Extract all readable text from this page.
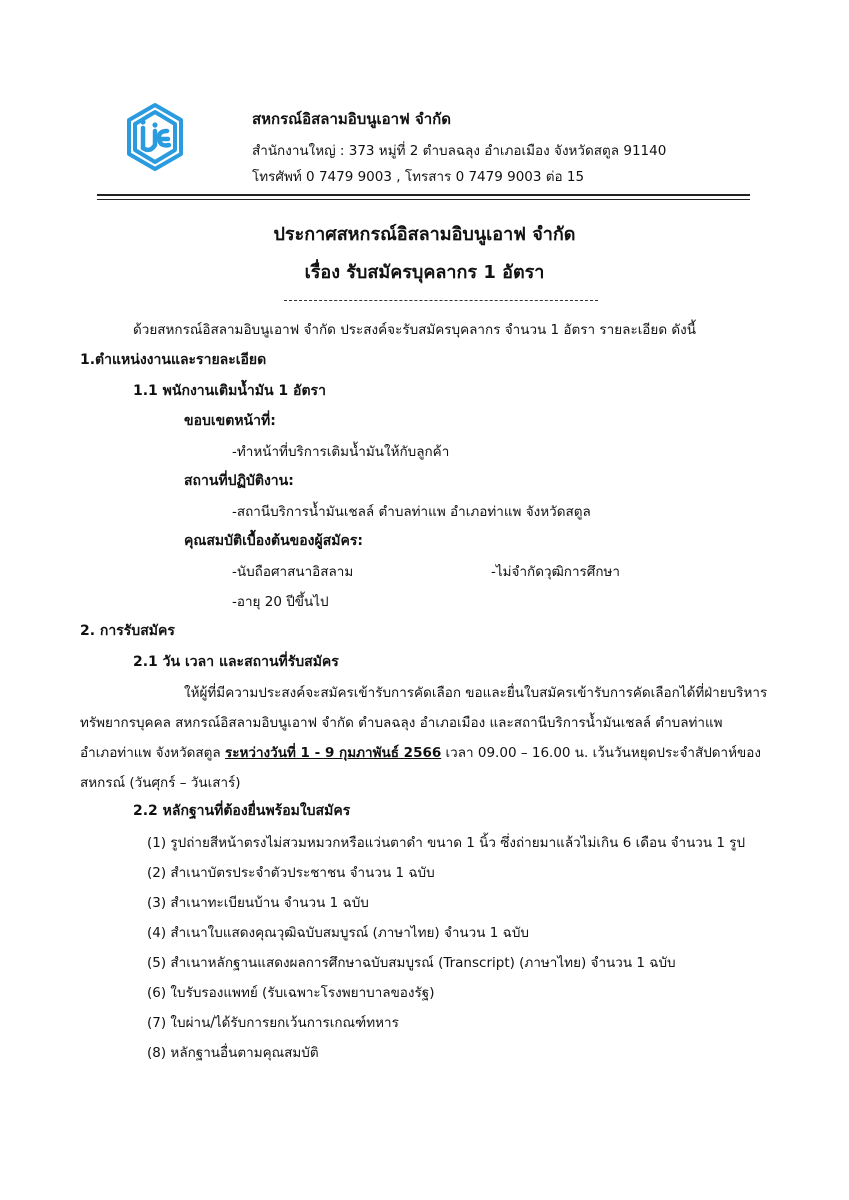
สหกรณ์อิสลามอิบนูเอาฟ จำกัด
สำนักงานใหญ่ : 373 หมู่ที่ 2 ตำบลฉลุง อำเภอเมือง จังหวัดสตูล 91140
โทรศัพท์ 0 7479 9003 , โทรสาร 0 7479 9003 ต่อ 15
ประกาศสหกรณ์อิสลามอิบนูเอาฟ จำกัด
เรื่อง รับสมัครบุคลากร 1 อัตรา
ด้วยสหกรณ์อิสลามอิบนูเอาฟ จำกัด ประสงค์จะรับสมัครบุคลากร จำนวน 1 อัตรา รายละเอียด ดังนี้
1.ตำแหน่งงานและรายละเอียด
1.1 พนักงานเติมน้ำมัน 1 อัตรา
ขอบเขตหน้าที่:
-ทำหน้าที่บริการเติมน้ำมันให้กับลูกค้า
สถานที่ปฏิบัติงาน:
-สถานีบริการน้ำมันเชลล์ ตำบลท่าแพ อำเภอท่าแพ จังหวัดสตูล
คุณสมบัติเบื้องต้นของผู้สมัคร:
-นับถือศาสนาอิสลาม	-ไม่จำกัดวุฒิการศึกษา
-อายุ 20 ปีขึ้นไป
2. การรับสมัคร
2.1 วัน เวลา และสถานที่รับสมัคร
ให้ผู้ที่มีความประสงค์จะสมัครเข้ารับการคัดเลือก ขอและยื่นใบสมัครเข้ารับการคัดเลือกได้ที่ฝ่ายบริหาร
ทรัพยากรบุคคล สหกรณ์อิสลามอิบนูเอาฟ จำกัด ตำบลฉลุง อำเภอเมือง และสถานีบริการน้ำมันเชลล์ ตำบลท่าแพ
อำเภอท่าแพ จังหวัดสตูล ระหว่างวันที่ 1 - 9 กุมภาพันธ์ 2566 เวลา 09.00 – 16.00 น. เว้นวันหยุดประจำสัปดาห์ของ
สหกรณ์ (วันศุกร์ – วันเสาร์)
2.2 หลักฐานที่ต้องยื่นพร้อมใบสมัคร
(1) รูปถ่ายสีหน้าตรงไม่สวมหมวกหรือแว่นตาดำ ขนาด 1 นิ้ว ซึ่งถ่ายมาแล้วไม่เกิน 6 เดือน จำนวน 1 รูป
(2) สำเนาบัตรประจำตัวประชาชน จำนวน 1 ฉบับ
(3) สำเนาทะเบียนบ้าน จำนวน 1 ฉบับ
(4) สำเนาใบแสดงคุณวุฒิฉบับสมบูรณ์ (ภาษาไทย) จำนวน 1 ฉบับ
(5) สำเนาหลักฐานแสดงผลการศึกษาฉบับสมบูรณ์ (Transcript) (ภาษาไทย) จำนวน 1 ฉบับ
(6) ใบรับรองแพทย์ (รับเฉพาะโรงพยาบาลของรัฐ)
(7) ใบผ่าน/ได้รับการยกเว้นการเกณฑ์ทหาร
(8) หลักฐานอื่นตามคุณสมบัติ
